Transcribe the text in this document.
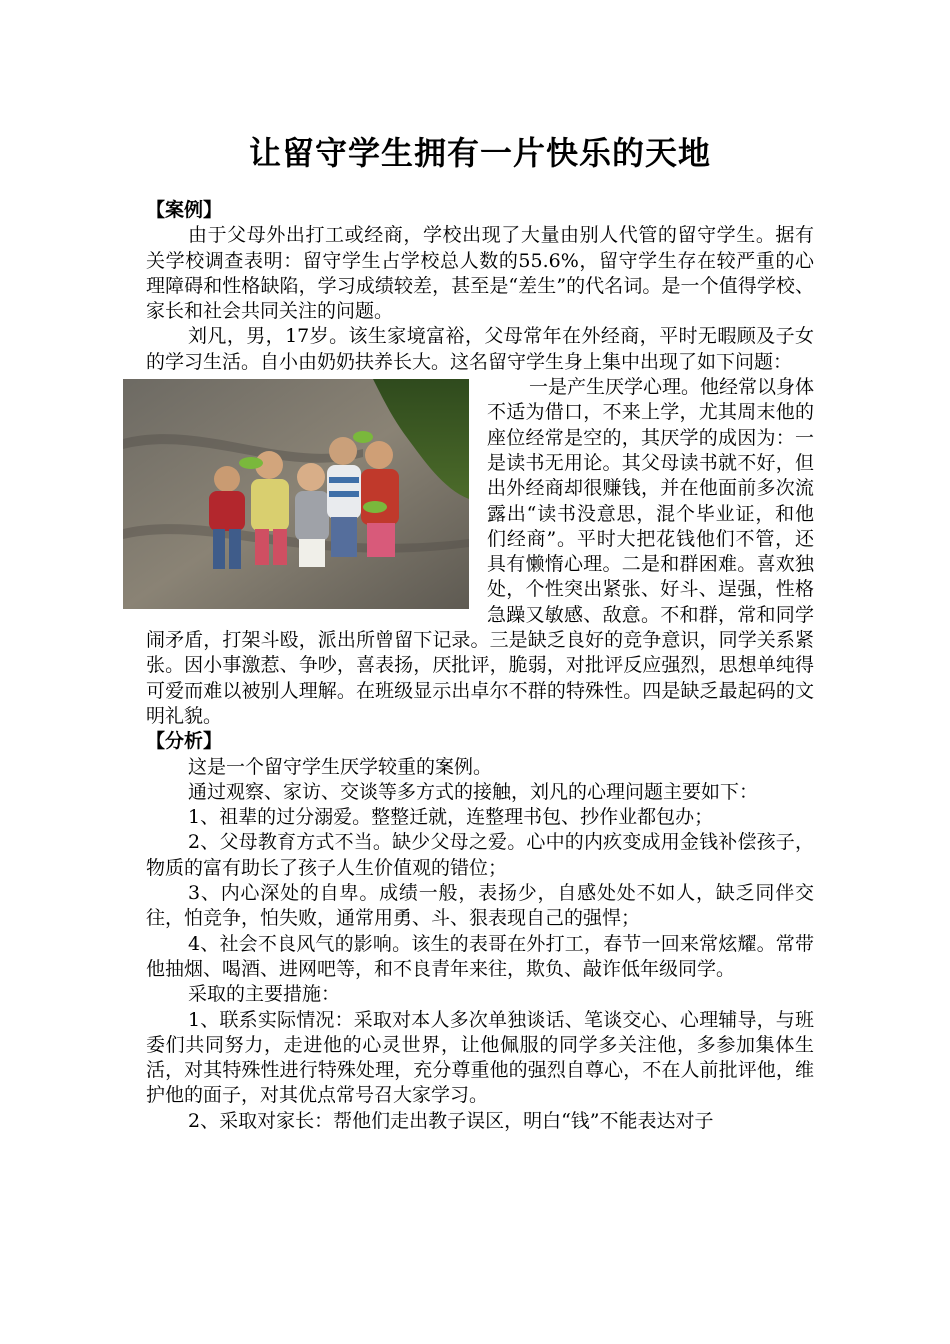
让留守学生拥有一片快乐的天地

【案例】

由于父母外出打工或经商，学校出现了大量由别人代管的留守学生。据有关学校调查表明：留守学生占学校总人数的55.6%，留守学生存在较严重的心理障碍和性格缺陷，学习成绩较差，甚至是“差生”的代名词。是一个值得学校、家长和社会共同关注的问题。

刘凡，男，17岁。该生家境富裕，父母常年在外经商，平时无暇顾及子女的学习生活。自小由奶奶扶养长大。这名留守学生身上集中出现了如下问题：

一是产生厌学心理。他经常以身体不适为借口，不来上学，尤其周末他的座位经常是空的，其厌学的成因为：一是读书无用论。其父母读书就不好，但出外经商却很赚钱，并在他面前多次流露出“读书没意思，混个毕业证，和他们经商”。平时大把花钱他们不管，还具有懒惰心理。二是和群困难。喜欢独处，个性突出紧张、好斗、逞强，性格急躁又敏感、敌意。不和群，常和同学闹矛盾，打架斗殴，派出所曾留下记录。三是缺乏良好的竞争意识，同学关系紧张。因小事激惹、争吵，喜表扬，厌批评，脆弱，对批评反应强烈，思想单纯得可爱而难以被别人理解。在班级显示出卓尔不群的特殊性。四是缺乏最起码的文明礼貌。

【分析】

这是一个留守学生厌学较重的案例。

通过观察、家访、交谈等多方式的接触，刘凡的心理问题主要如下：

1、祖辈的过分溺爱。整整迁就，连整理书包、抄作业都包办；

2、父母教育方式不当。缺少父母之爱。心中的内疚变成用金钱补偿孩子，物质的富有助长了孩子人生价值观的错位；

3、内心深处的自卑。成绩一般，表扬少，自感处处不如人，缺乏同伴交往，怕竞争，怕失败，通常用勇、斗、狠表现自己的强悍；

4、社会不良风气的影响。该生的表哥在外打工，春节一回来常炫耀。常带他抽烟、喝酒、进网吧等，和不良青年来往，欺负、敲诈低年级同学。

采取的主要措施：

1、联系实际情况：采取对本人多次单独谈话、笔谈交心、心理辅导，与班委们共同努力，走进他的心灵世界，让他佩服的同学多关注他，多参加集体生活，对其特殊性进行特殊处理，充分尊重他的强烈自尊心，不在人前批评他，维护他的面子，对其优点常号召大家学习。

2、采取对家长：帮他们走出教子误区，明白“钱”不能表达对子
